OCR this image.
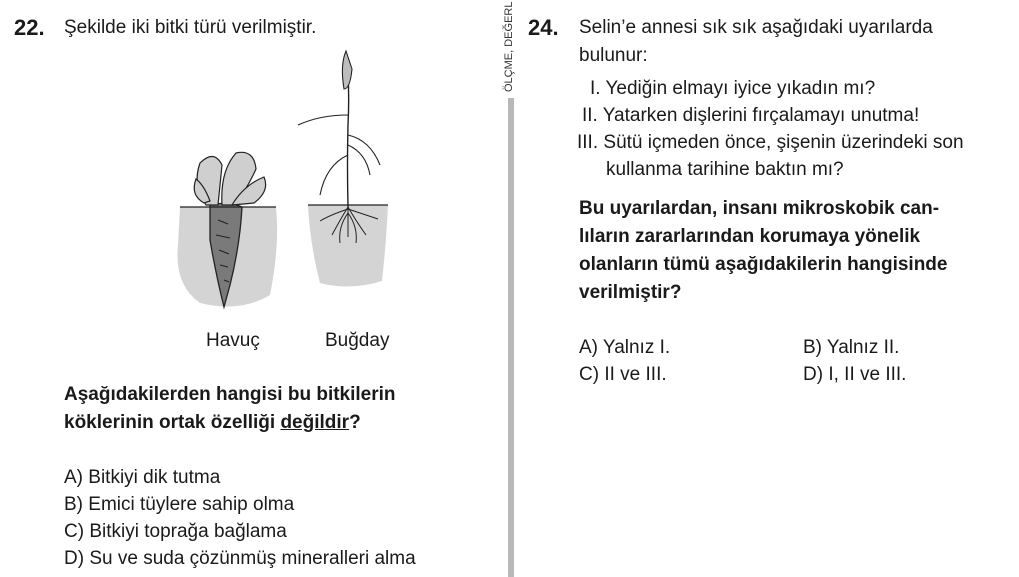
22. Şekilde iki bitki türü verilmiştir.
Havuç	Buğday
Aşağıdakilerden hangisi bu bitkilerin
köklerinin ortak özelliği değildir?
A) Bitkiyi dik tutma
B) Emici tüylere sahip olma
C) Bitkiyi toprağa bağlama
D) Su ve suda çözünmüş mineralleri alma
ÖLÇME, DEĞERL 24. Selin’e annesi sık sık aşağıdaki uyarılarda
bulunur:
I. Yediğin elmayı iyice yıkadın mı?
II. Yatarken dişlerini fırçalamayı unutma!
III. Sütü içmeden önce, şişenin üzerindeki son
kullanma tarihine baktın mı?
Bu uyarılardan, insanı mikroskobik can-
lıların zararlarından korumaya yönelik
olanların tümü aşağıdakilerin hangisinde
verilmiştir?
A) Yalnız I.	B) Yalnız II.
C) II ve III.	D) I, II ve III.
